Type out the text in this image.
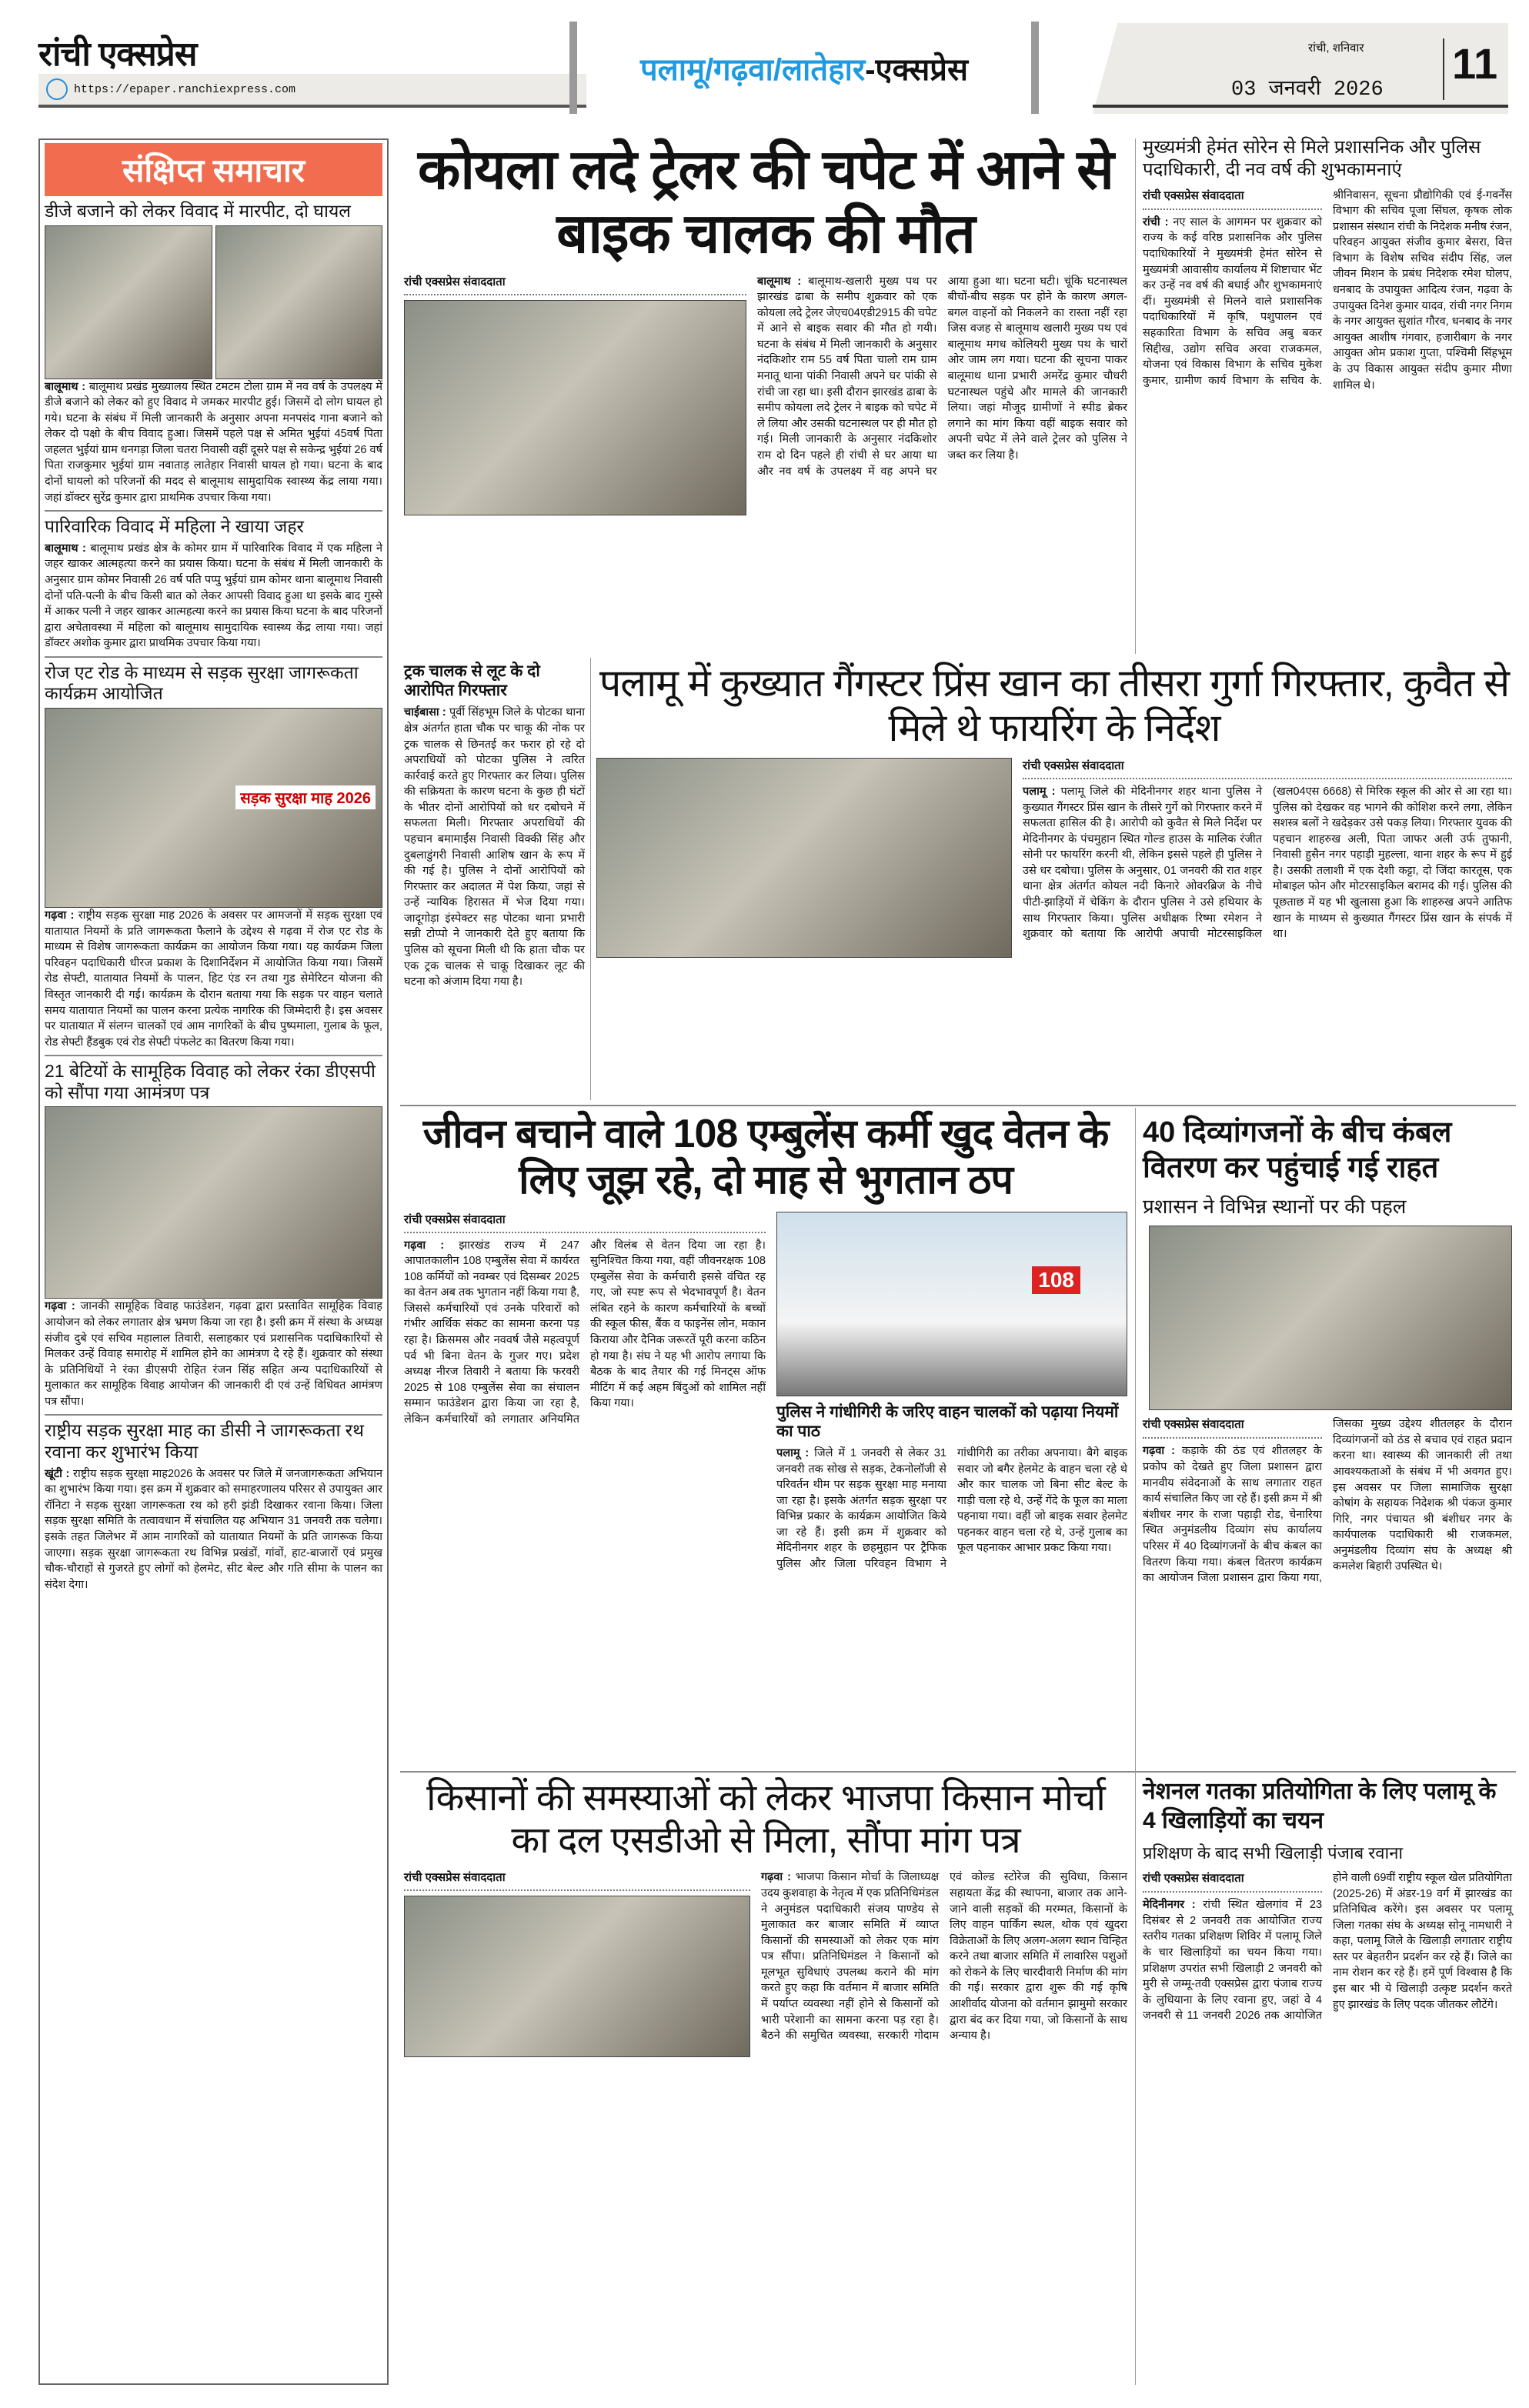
रांची एक्सप्रेस
https://epaper.ranchiexpress.com
पलामू/गढ़वा/लातेहार -एक्सप्रेस
रांची, शनिवार
03 जनवरी 2026
11
संक्षिप्त समाचार
डीजे बजाने को लेकर विवाद में मारपीट, दो घायल

बालूमाथ : बालूमाथ प्रखंड मुख्यालय स्थित टमटम टोला ग्राम में नव वर्ष के उपलक्ष्य में डीजे बजाने को लेकर को हुए विवाद मे जमकर मारपीट हुई। जिसमें दो लोग घायल हो गये। घटना के संबंध में मिली जानकारी के अनुसार अपना मनपसंद गाना बजाने को लेकर दो पक्षो के बीच विवाद हुआ। जिसमें पहले पक्ष से अमित भुईयां 45वर्ष पिता जहलत भुईयां ग्राम धनगड़ा जिला चतरा निवासी वहीं दूसरे पक्ष से सकेन्द्र भुईयां 26 वर्ष पिता राजकुमार भुईयां ग्राम नवाताड़ लातेहार निवासी घायल हो गया। घटना के बाद दोनों घायलो को परिजनों की मदद से बालूमाथ सामुदायिक स्वास्थ्य केंद्र लाया गया। जहां डॉक्टर सुरेंद्र कुमार द्वारा प्राथमिक उपचार किया गया।

पारिवारिक विवाद में महिला ने खाया जहर

बालूमाथ : बालूमाथ प्रखंड क्षेत्र के कोमर ग्राम में पारिवारिक विवाद में एक महिला ने जहर खाकर आत्महत्या करने का प्रयास किया। घटना के संबंध में मिली जानकारी के अनुसार ग्राम कोमर निवासी 26 वर्ष पति पप्पु भुईयां ग्राम कोमर थाना बालूमाथ निवासी दोनों पति-पत्नी के बीच किसी बात को लेकर आपसी विवाद हुआ था इसके बाद गुस्से में आकर पत्नी ने जहर खाकर आत्महत्या करने का प्रयास किया घटना के बाद परिजनों द्वारा अचेतावस्था में महिला को बालूमाथ सामुदायिक स्वास्थ्य केंद्र लाया गया। जहां डॉक्टर अशोक कुमार द्वारा प्राथमिक उपचार किया गया।

रोज एट रोड के माध्यम से सड़क सुरक्षा जागरूकता कार्यक्रम आयोजित
सड़क सुरक्षा माह 2026

गढ़वा : राष्ट्रीय सड़क सुरक्षा माह 2026 के अवसर पर आमजनों में सड़क सुरक्षा एवं यातायात नियमों के प्रति जागरूकता फैलाने के उद्देश्य से गढ़वा में रोज एट रोड के माध्यम से विशेष जागरूकता कार्यक्रम का आयोजन किया गया। यह कार्यक्रम जिला परिवहन पदाधिकारी धीरज प्रकाश के दिशानिर्देशन में आयोजित किया गया। जिसमें रोड सेफ्टी, यातायात नियमों के पालन, हिट एंड रन तथा गुड सेमेरिटन योजना की विस्तृत जानकारी दी गई। कार्यक्रम के दौरान बताया गया कि सड़क पर वाहन चलाते समय यातायात नियमों का पालन करना प्रत्येक नागरिक की जिम्मेदारी है। इस अवसर पर यातायात में संलग्न चालकों एवं आम नागरिकों के बीच पुष्पमाला, गुलाब के फूल, रोड सेफ्टी हैंडबुक एवं रोड सेफ्टी पंफलेट का वितरण किया गया।

21 बेटियों के सामूहिक विवाह को लेकर रंका डीएसपी को सौंपा गया आमंत्रण पत्र

गढ़वा : जानकी सामूहिक विवाह फाउंडेशन, गढ़वा द्वारा प्रस्तावित सामूहिक विवाह आयोजन को लेकर लगातार क्षेत्र भ्रमण किया जा रहा है। इसी क्रम में संस्था के अध्यक्ष संजीव दुबे एवं सचिव महालाल तिवारी, सलाहकार एवं प्रशासनिक पदाधिकारियों से मिलकर उन्हें विवाह समारोह में शामिल होने का आमंत्रण दे रहे हैं। शुक्रवार को संस्था के प्रतिनिधियों ने रंका डीएसपी रोहित रंजन सिंह सहित अन्य पदाधिकारियों से मुलाकात कर सामूहिक विवाह आयोजन की जानकारी दी एवं उन्हें विधिवत आमंत्रण पत्र सौंपा।

राष्ट्रीय सड़क सुरक्षा माह का डीसी ने जागरूकता रथ रवाना कर शुभारंभ किया

खूंटी : राष्ट्रीय सड़क सुरक्षा माह2026 के अवसर पर जिले में जनजागरूकता अभियान का शुभारंभ किया गया। इस क्रम में शुक्रवार को समाहरणालय परिसर से उपायुक्त आर रॉनिटा ने सड़क सुरक्षा जागरूकता रथ को हरी झंडी दिखाकर रवाना किया। जिला सड़क सुरक्षा समिति के तत्वावधान में संचालित यह अभियान 31 जनवरी तक चलेगा। इसके तहत जिलेभर में आम नागरिकों को यातायात नियमों के प्रति जागरूक किया जाएगा। सड़क सुरक्षा जागरूकता रथ विभिन्न प्रखंडों, गांवों, हाट-बाजारों एवं प्रमुख चौक-चौराहों से गुजरते हुए लोगों को हेलमेट, सीट बेल्ट और गति सीमा के पालन का संदेश देगा।

कोयला लदे ट्रेलर की चपेट में आने से बाइक चालक की मौत
रांची एक्सप्रेस संवाददाता	बालूमाथ : बालूमाथ-खलारी मुख्य पथ पर झारखंड ढाबा के समीप शुक्रवार को एक कोयला लदे ट्रेलर जेएच04एडी2915 की चपेट में आने से बाइक सवार की मौत हो गयी। घटना के संबंध में मिली जानकारी के अनुसार नंदकिशोर राम 55 वर्ष पिता चालो राम ग्राम मनातू थाना पांकी निवासी अपने घर पांकी से रांची जा रहा था। इसी दौरान झारखंड ढाबा के समीप कोयला लदे ट्रेलर ने बाइक को चपेट में ले लिया और उसकी घटनास्थल पर ही मौत हो गई। मिली जानकारी के अनुसार नंदकिशोर राम दो दिन पहले ही रांची से घर आया था और नव वर्ष के उपलक्ष्य में वह अपने घर आया हुआ था। घटना घटी। चूंकि घटनास्थल बीचों-बीच सड़क पर होने के कारण अगल-बगल वाहनों को निकलने का रास्ता नहीं रहा जिस वजह से बालूमाथ खलारी मुख्य पथ एवं बालूमाथ मगध कोलियरी मुख्य पथ के चारों ओर जाम लग गया। घटना की सूचना पाकर बालूमाथ थाना प्रभारी अमरेंद्र कुमार चौधरी घटनास्थल पहुंचे और मामले की जानकारी लिया। जहां मौजूद ग्रामीणों ने स्पीड ब्रेकर लगाने का मांग किया वहीं बाइक सवार को अपनी चपेट में लेने वाले ट्रेलर को पुलिस ने जब्त कर लिया है।

ट्रक चालक से लूट के दो आरोपित गिरफ्तार

चाईबासा : पूर्वी सिंहभूम जिले के पोटका थाना क्षेत्र अंतर्गत हाता चौक पर चाकू की नोक पर ट्रक चालक से छिनतई कर फरार हो रहे दो अपराधियों को पोटका पुलिस ने त्वरित कार्रवाई करते हुए गिरफ्तार कर लिया। पुलिस की सक्रियता के कारण घटना के कुछ ही घंटों के भीतर दोनों आरोपियों को धर दबोचने में सफलता मिली। गिरफ्तार अपराधियों की पहचान बमामाईंस निवासी विक्की सिंह और दुबलाडुंगरी निवासी आशिष खान के रूप में की गई है। पुलिस ने दोनों आरोपियों को गिरफ्तार कर अदालत में पेश किया, जहां से उन्हें न्यायिक हिरासत में भेज दिया गया। जादूगोड़ा इंस्पेक्टर सह पोटका थाना प्रभारी सन्नी टोप्पो ने जानकारी देते हुए बताया कि पुलिस को सूचना मिली थी कि हाता चौक पर एक ट्रक चालक से चाकू दिखाकर लूट की घटना को अंजाम दिया गया है।

मुख्यमंत्री हेमंत सोरेन से मिले प्रशासनिक और पुलिस पदाधिकारी, दी नव वर्ष की शुभकामनाएं
रांची एक्सप्रेस संवाददाता

रांची : नए साल के आगमन पर शुक्रवार को राज्य के कई वरिष्ठ प्रशासनिक और पुलिस पदाधिकारियों ने मुख्यमंत्री हेमंत सोरेन से मुख्यमंत्री आवासीय कार्यालय में शिष्टाचार भेंट कर उन्हें नव वर्ष की बधाई और शुभकामनाएं दीं। मुख्यमंत्री से मिलने वाले प्रशासनिक पदाधिकारियों में कृषि, पशुपालन एवं सहकारिता विभाग के सचिव अबु बकर सिद्दीख, उद्योग सचिव अरवा राजकमल, योजना एवं विकास विभाग के सचिव मुकेश कुमार, ग्रामीण कार्य विभाग के सचिव के. श्रीनिवासन, सूचना प्रौद्योगिकी एवं ई-गवर्नेंस विभाग की सचिव पूजा सिंघल, कृषक लोक प्रशासन संस्थान रांची के निदेशक मनीष रंजन, परिवहन आयुक्त संजीव कुमार बेसरा, वित्त विभाग के विशेष सचिव संदीप सिंह, जल जीवन मिशन के प्रबंध निदेशक रमेश घोलप, धनबाद के उपायुक्त आदित्य रंजन, गढ़वा के उपायुक्त दिनेश कुमार यादव, रांची नगर निगम के नगर आयुक्त सुशांत गौरव, धनबाद के नगर आयुक्त आशीष गंगवार, हजारीबाग के नगर आयुक्त ओम प्रकाश गुप्ता, पश्चिमी सिंहभूम के उप विकास आयुक्त संदीप कुमार मीणा शामिल थे।

पलामू में कुख्यात गैंगस्टर प्रिंस खान का तीसरा गुर्गा गिरफ्तार, कुवैत से मिले थे फायरिंग के निर्देश
रांची एक्सप्रेस संवाददाता

पलामू : पलामू जिले की मेदिनीनगर शहर थाना पुलिस ने कुख्यात गैंगस्टर प्रिंस खान के तीसरे गुर्गे को गिरफ्तार करने में सफलता हासिल की है। आरोपी को कुवैत से मिले निर्देश पर मेदिनीनगर के पंचमुहान स्थित गोल्ड हाउस के मालिक रंजीत सोनी पर फायरिंग करनी थी, लेकिन इससे पहले ही पुलिस ने उसे धर दबोचा। पुलिस के अनुसार, 01 जनवरी की रात शहर थाना क्षेत्र अंतर्गत कोयल नदी किनारे ओवरब्रिज के नीचे पीटी-झाड़ियों में चेकिंग के दौरान पुलिस ने उसे हथियार के साथ गिरफ्तार किया। पुलिस अधीक्षक रिष्मा रमेशन ने शुक्रवार को बताया कि आरोपी अपाची मोटरसाइकिल (खल04एस 6668) से मिरिक स्कूल की ओर से आ रहा था। पुलिस को देखकर वह भागने की कोशिश करने लगा, लेकिन सशस्त्र बलों ने खदेड़कर उसे पकड़ लिया। गिरफ्तार युवक की पहचान शाहरुख अली, पिता जाफर अली उर्फ तुफानी, निवासी हुसैन नगर पहाड़ी मुहल्ला, थाना शहर के रूप में हुई है। उसकी तलाशी में एक देशी कट्टा, दो जिंदा कारतूस, एक मोबाइल फोन और मोटरसाइकिल बरामद की गई। पुलिस की पूछताछ में यह भी खुलासा हुआ कि शाहरुख अपने आतिफ खान के माध्यम से कुख्यात गैंगस्टर प्रिंस खान के संपर्क में था।

जीवन बचाने वाले 108 एम्बुलेंस कर्मी खुद वेतन के लिए जूझ रहे, दो माह से भुगतान ठप
रांची एक्सप्रेस संवाददाता

गढ़वा : झारखंड राज्य में 247 आपातकालीन 108 एम्बुलेंस सेवा में कार्यरत 108 कर्मियों को नवम्बर एवं दिसम्बर 2025 का वेतन अब तक भुगतान नहीं किया गया है, जिससे कर्मचारियों एवं उनके परिवारों को गंभीर आर्थिक संकट का सामना करना पड़ रहा है। क्रिसमस और नववर्ष जैसे महत्वपूर्ण पर्व भी बिना वेतन के गुजर गए। प्रदेश अध्यक्ष नीरज तिवारी ने बताया कि फरवरी 2025 से 108 एम्बुलेंस सेवा का संचालन सम्मान फाउंडेशन द्वारा किया जा रहा है, लेकिन कर्मचारियों को लगातार अनियमित और विलंब से वेतन दिया जा रहा है। सुनिश्चित किया गया, वहीं जीवनरक्षक 108 एम्बुलेंस सेवा के कर्मचारी इससे वंचित रह गए, जो स्पष्ट रूप से भेदभावपूर्ण है। वेतन लंबित रहने के कारण कर्मचारियों के बच्चों की स्कूल फीस, बैंक व फाइनेंस लोन, मकान किराया और दैनिक जरूरतें पूरी करना कठिन हो गया है। संघ ने यह भी आरोप लगाया कि बैठक के बाद तैयार की गई मिनट्स ऑफ मीटिंग में कई अहम बिंदुओं को शामिल नहीं किया गया।

108
पुलिस ने गांधीगिरी के जरिए वाहन चालकों को पढ़ाया नियमों का पाठ

पलामू : जिले में 1 जनवरी से लेकर 31 जनवरी तक सोख से सड़क, टेकनोलॉजी से परिवर्तन थीम पर सड़क सुरक्षा माह मनाया जा रहा है। इसके अंतर्गत सड़क सुरक्षा पर विभिन्न प्रकार के कार्यक्रम आयोजित किये जा रहे हैं। इसी क्रम में शुक्रवार को मेदिनीनगर शहर के छहमुहान पर ट्रैफिक पुलिस और जिला परिवहन विभाग ने गांधीगिरी का तरीका अपनाया। बैगे बाइक सवार जो बगैर हेलमेट के वाहन चला रहे थे और कार चालक जो बिना सीट बेल्ट के गाड़ी चला रहे थे, उन्हें गेंदे के फूल का माला पहनाया गया। वहीं जो बाइक सवार हेलमेट पहनकर वाहन चला रहे थे, उन्हें गुलाब का फूल पहनाकर आभार प्रकट किया गया।

40 दिव्यांगजनों के बीच कंबल वितरण कर पहुंचाई गई राहत
प्रशासन ने विभिन्न स्थानों पर की पहल
रांची एक्सप्रेस संवाददाता

गढ़वा : कड़ाके की ठंड एवं शीतलहर के प्रकोप को देखते हुए जिला प्रशासन द्वारा मानवीय संवेदनाओं के साथ लगातार राहत कार्य संचालित किए जा रहे हैं। इसी क्रम में श्री बंशीधर नगर के राजा पहाड़ी रोड, चेनारिया स्थित अनुमंडलीय दिव्यांग संघ कार्यालय परिसर में 40 दिव्यांगजनों के बीच कंबल का वितरण किया गया। कंबल वितरण कार्यक्रम का आयोजन जिला प्रशासन द्वारा किया गया, जिसका मुख्य उद्देश्य शीतलहर के दौरान दिव्यांगजनों को ठंड से बचाव एवं राहत प्रदान करना था। स्वास्थ्य की जानकारी ली तथा आवश्यकताओं के संबंध में भी अवगत हुए। इस अवसर पर जिला सामाजिक सुरक्षा कोषांग के सहायक निदेशक श्री पंकज कुमार गिरि, नगर पंचायत श्री बंशीधर नगर के कार्यपालक पदाधिकारी श्री राजकमल, अनुमंडलीय दिव्यांग संघ के अध्यक्ष श्री कमलेश बिहारी उपस्थित थे।

किसानों की समस्याओं को लेकर भाजपा किसान मोर्चा का दल एसडीओ से मिला, सौंपा मांग पत्र
रांची एक्सप्रेस संवाददाता	गढ़वा : भाजपा किसान मोर्चा के जिलाध्यक्ष उदय कुशवाहा के नेतृत्व में एक प्रतिनिधिमंडल ने अनुमंडल पदाधिकारी संजय पाण्डेय से मुलाकात कर बाजार समिति में व्याप्त किसानों की समस्याओं को लेकर एक मांग पत्र सौंपा। प्रतिनिधिमंडल ने किसानों को मूलभूत सुविधाएं उपलब्ध कराने की मांग करते हुए कहा कि वर्तमान में बाजार समिति में पर्याप्त व्यवस्था नहीं होने से किसानों को भारी परेशानी का सामना करना पड़ रहा है। बैठने की समुचित व्यवस्था, सरकारी गोदाम एवं कोल्ड स्टोरेज की सुविधा, किसान सहायता केंद्र की स्थापना, बाजार तक आने-जाने वाली सड़कों की मरम्मत, किसानों के लिए वाहन पार्किंग स्थल, थोक एवं खुदरा विक्रेताओं के लिए अलग-अलग स्थान चिन्हित करने तथा बाजार समिति में लावारिस पशुओं को रोकने के लिए चारदीवारी निर्माण की मांग की गई। सरकार द्वारा शुरू की गई कृषि आशीर्वाद योजना को वर्तमान झामुमो सरकार द्वारा बंद कर दिया गया, जो किसानों के साथ अन्याय है।

नेशनल गतका प्रतियोगिता के लिए पलामू के 4 खिलाड़ियों का चयन
प्रशिक्षण के बाद सभी खिलाड़ी पंजाब रवाना
रांची एक्सप्रेस संवाददाता

मेदिनीनगर : रांची स्थित खेलगांव में 23 दिसंबर से 2 जनवरी तक आयोजित राज्य स्तरीय गतका प्रशिक्षण शिविर में पलामू जिले के चार खिलाड़ियों का चयन किया गया। प्रशिक्षण उपरांत सभी खिलाड़ी 2 जनवरी को मुरी से जम्मू-तवी एक्सप्रेस द्वारा पंजाब राज्य के लुधियाना के लिए रवाना हुए, जहां वे 4 जनवरी से 11 जनवरी 2026 तक आयोजित होने वाली 69वीं राष्ट्रीय स्कूल खेल प्रतियोगिता (2025-26) में अंडर-19 वर्ग में झारखंड का प्रतिनिधित्व करेंगे। इस अवसर पर पलामू जिला गतका संघ के अध्यक्ष सोनू नामधारी ने कहा, पलामू जिले के खिलाड़ी लगातार राष्ट्रीय स्तर पर बेहतरीन प्रदर्शन कर रहे हैं। जिले का नाम रोशन कर रहे हैं। हमें पूर्ण विश्वास है कि इस बार भी ये खिलाड़ी उत्कृष्ट प्रदर्शन करते हुए झारखंड के लिए पदक जीतकर लौटेंगे।
